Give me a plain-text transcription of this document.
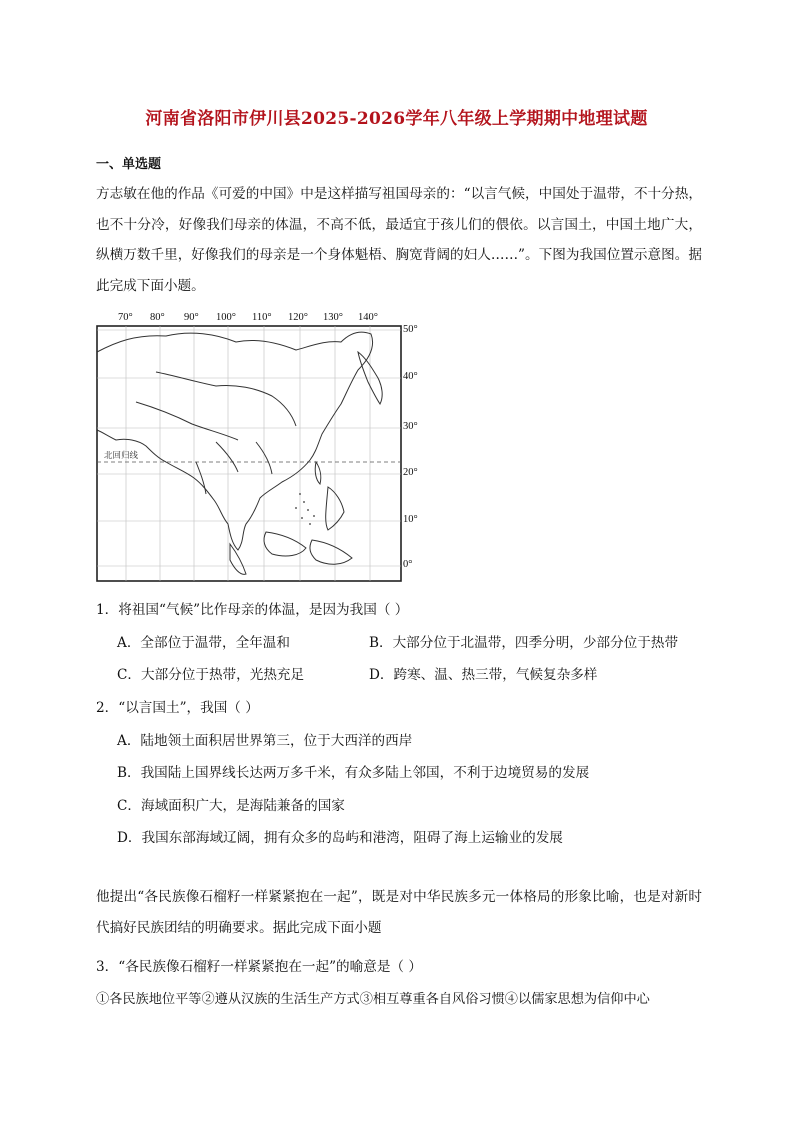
河南省洛阳市伊川县2025-2026学年八年级上学期期中地理试题
一、单选题
方志敏在他的作品《可爱的中国》中是这样描写祖国母亲的：“以言气候，中国处于温带，不十分热，也不十分冷，好像我们母亲的体温，不高不低，最适宜于孩儿们的偎依。以言国土，中国土地广大，纵横万数千里，好像我们的母亲是一个身体魁梧、胸宽背阔的妇人……”。下图为我国位置示意图。据此完成下面小题。
70° 80° 90° 100° 110° 120° 130° 140°
50°
40°
30°
20°
10°
0°
北回归线
1．将祖国“气候”比作母亲的体温，是因为我国（ ）
A．全部位于温带，全年温和	B．大部分位于北温带，四季分明，少部分位于热带
C．大部分位于热带，光热充足	D．跨寒、温、热三带，气候复杂多样
2．“以言国土”，我国（ ）
A．陆地领土面积居世界第三，位于大西洋的西岸
B．我国陆上国界线长达两万多千米，有众多陆上邻国，不利于边境贸易的发展
C．海域面积广大，是海陆兼备的国家
D．我国东部海域辽阔，拥有众多的岛屿和港湾，阻碍了海上运输业的发展
他提出“各民族像石榴籽一样紧紧抱在一起”，既是对中华民族多元一体格局的形象比喻，也是对新时代搞好民族团结的明确要求。据此完成下面小题
3．“各民族像石榴籽一样紧紧抱在一起”的喻意是（ ）
①各民族地位平等②遵从汉族的生活生产方式③相互尊重各自风俗习惯④以儒家思想为信仰中心
